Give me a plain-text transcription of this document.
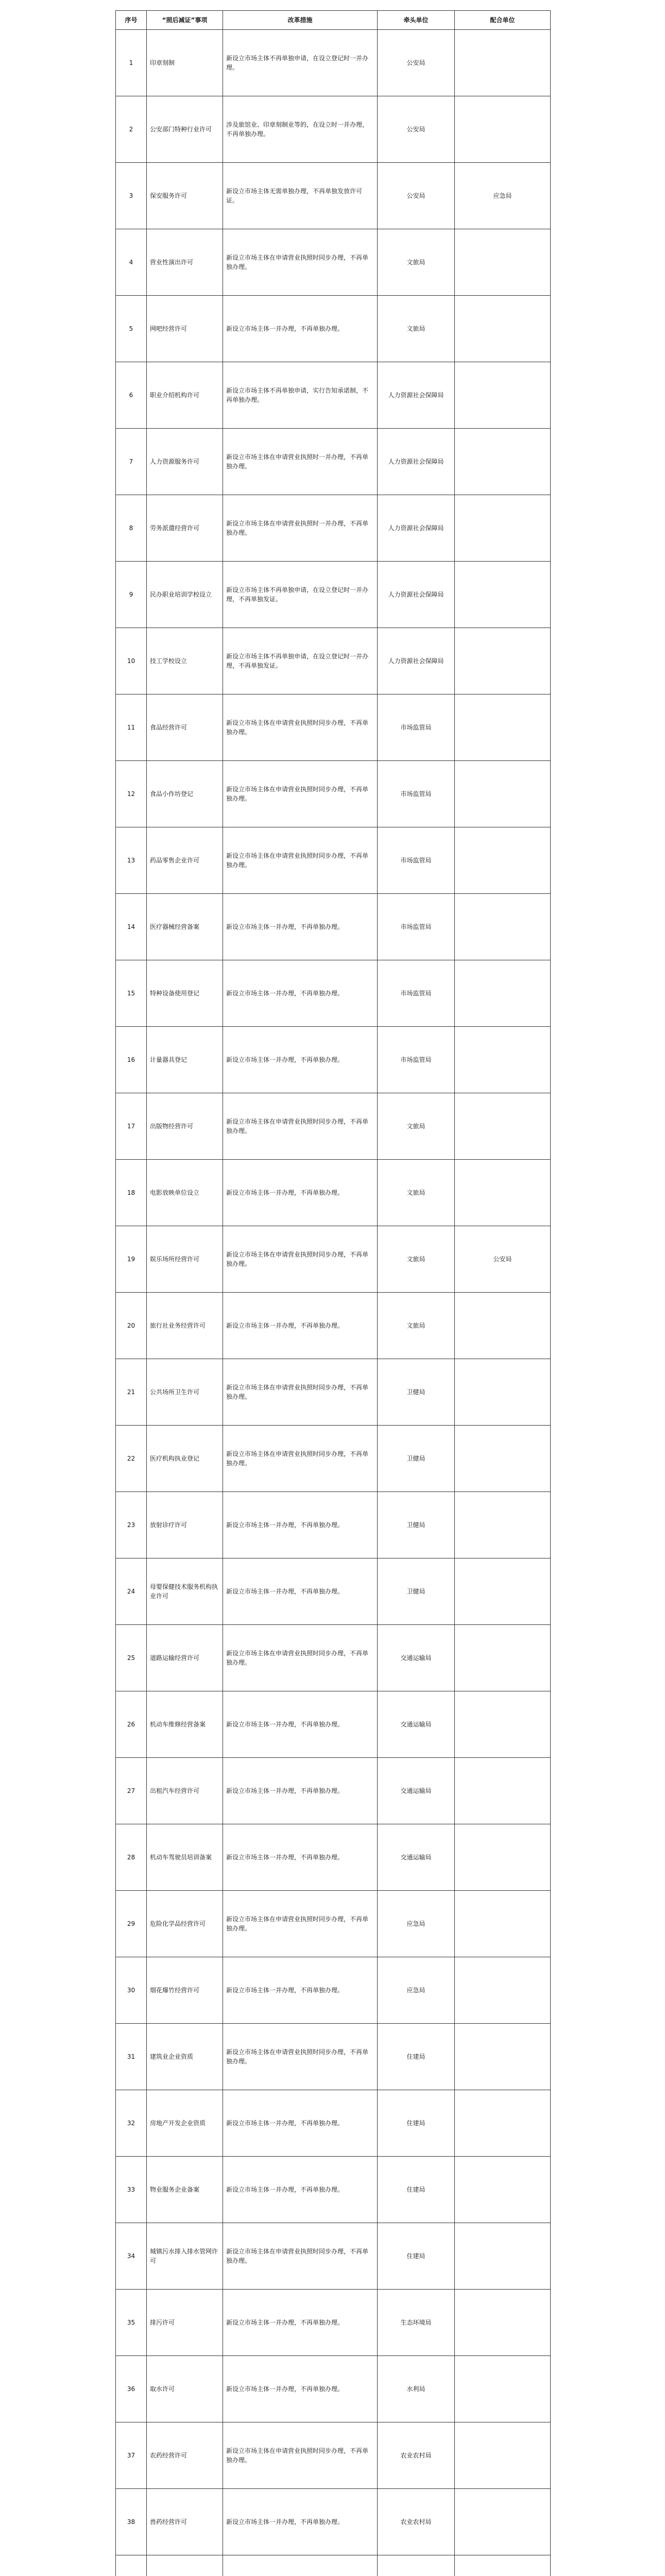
序号	“照后减证”事项	改革措施	牵头单位	配合单位
1	印章刻制	新设立市场主体不再单独申请，在设立登记时一并办理。	公安局	
2	公安部门特种行业许可	涉及旅馆业、印章刻制业等的，在设立时一并办理，不再单独办理。	公安局	
3	保安服务许可	新设立市场主体无需单独办理，不再单独发放许可证。	公安局	应急局
4	营业性演出许可	新设立市场主体在申请营业执照时同步办理，不再单独办理。	文旅局	
5	网吧经营许可	新设立市场主体一并办理，不再单独办理。	文旅局	
6	职业介绍机构许可	新设立市场主体不再单独申请，实行告知承诺制，不再单独办理。	人力资源社会保障局	
7	人力资源服务许可	新设立市场主体在申请营业执照时一并办理，不再单独办理。	人力资源社会保障局	
8	劳务派遣经营许可	新设立市场主体在申请营业执照时一并办理，不再单独办理。	人力资源社会保障局	
9	民办职业培训学校设立	新设立市场主体不再单独申请，在设立登记时一并办理，不再单独发证。	人力资源社会保障局	
10	技工学校设立	新设立市场主体不再单独申请，在设立登记时一并办理，不再单独发证。	人力资源社会保障局	
11	食品经营许可	新设立市场主体在申请营业执照时同步办理，不再单独办理。	市场监管局	
12	食品小作坊登记	新设立市场主体在申请营业执照时同步办理，不再单独办理。	市场监管局	
13	药品零售企业许可	新设立市场主体在申请营业执照时同步办理，不再单独办理。	市场监管局	
14	医疗器械经营备案	新设立市场主体一并办理，不再单独办理。	市场监管局	
15	特种设备使用登记	新设立市场主体一并办理，不再单独办理。	市场监管局	
16	计量器具登记	新设立市场主体一并办理，不再单独办理。	市场监管局	
17	出版物经营许可	新设立市场主体在申请营业执照时同步办理，不再单独办理。	文旅局	
18	电影放映单位设立	新设立市场主体一并办理，不再单独办理。	文旅局	
19	娱乐场所经营许可	新设立市场主体在申请营业执照时同步办理，不再单独办理。	文旅局	公安局
20	旅行社业务经营许可	新设立市场主体一并办理，不再单独办理。	文旅局	
21	公共场所卫生许可	新设立市场主体在申请营业执照时同步办理，不再单独办理。	卫健局	
22	医疗机构执业登记	新设立市场主体在申请营业执照时同步办理，不再单独办理。	卫健局	
23	放射诊疗许可	新设立市场主体一并办理，不再单独办理。	卫健局	
24	母婴保健技术服务机构执业许可	新设立市场主体一并办理，不再单独办理。	卫健局	
25	道路运输经营许可	新设立市场主体在申请营业执照时同步办理，不再单独办理。	交通运输局	
26	机动车维修经营备案	新设立市场主体一并办理，不再单独办理。	交通运输局	
27	出租汽车经营许可	新设立市场主体一并办理，不再单独办理。	交通运输局	
28	机动车驾驶员培训备案	新设立市场主体一并办理，不再单独办理。	交通运输局	
29	危险化学品经营许可	新设立市场主体在申请营业执照时同步办理，不再单独办理。	应急局	
30	烟花爆竹经营许可	新设立市场主体一并办理，不再单独办理。	应急局	
31	建筑业企业资质	新设立市场主体在申请营业执照时同步办理，不再单独办理。	住建局	
32	房地产开发企业资质	新设立市场主体一并办理，不再单独办理。	住建局	
33	物业服务企业备案	新设立市场主体一并办理，不再单独办理。	住建局	
34	城镇污水排入排水管网许可	新设立市场主体在申请营业执照时同步办理，不再单独办理。	住建局	
35	排污许可	新设立市场主体一并办理，不再单独办理。	生态环境局	
36	取水许可	新设立市场主体一并办理，不再单独办理。	水利局	
37	农药经营许可	新设立市场主体在申请营业执照时同步办理，不再单独办理。	农业农村局	
38	兽药经营许可	新设立市场主体一并办理，不再单独办理。	农业农村局	
